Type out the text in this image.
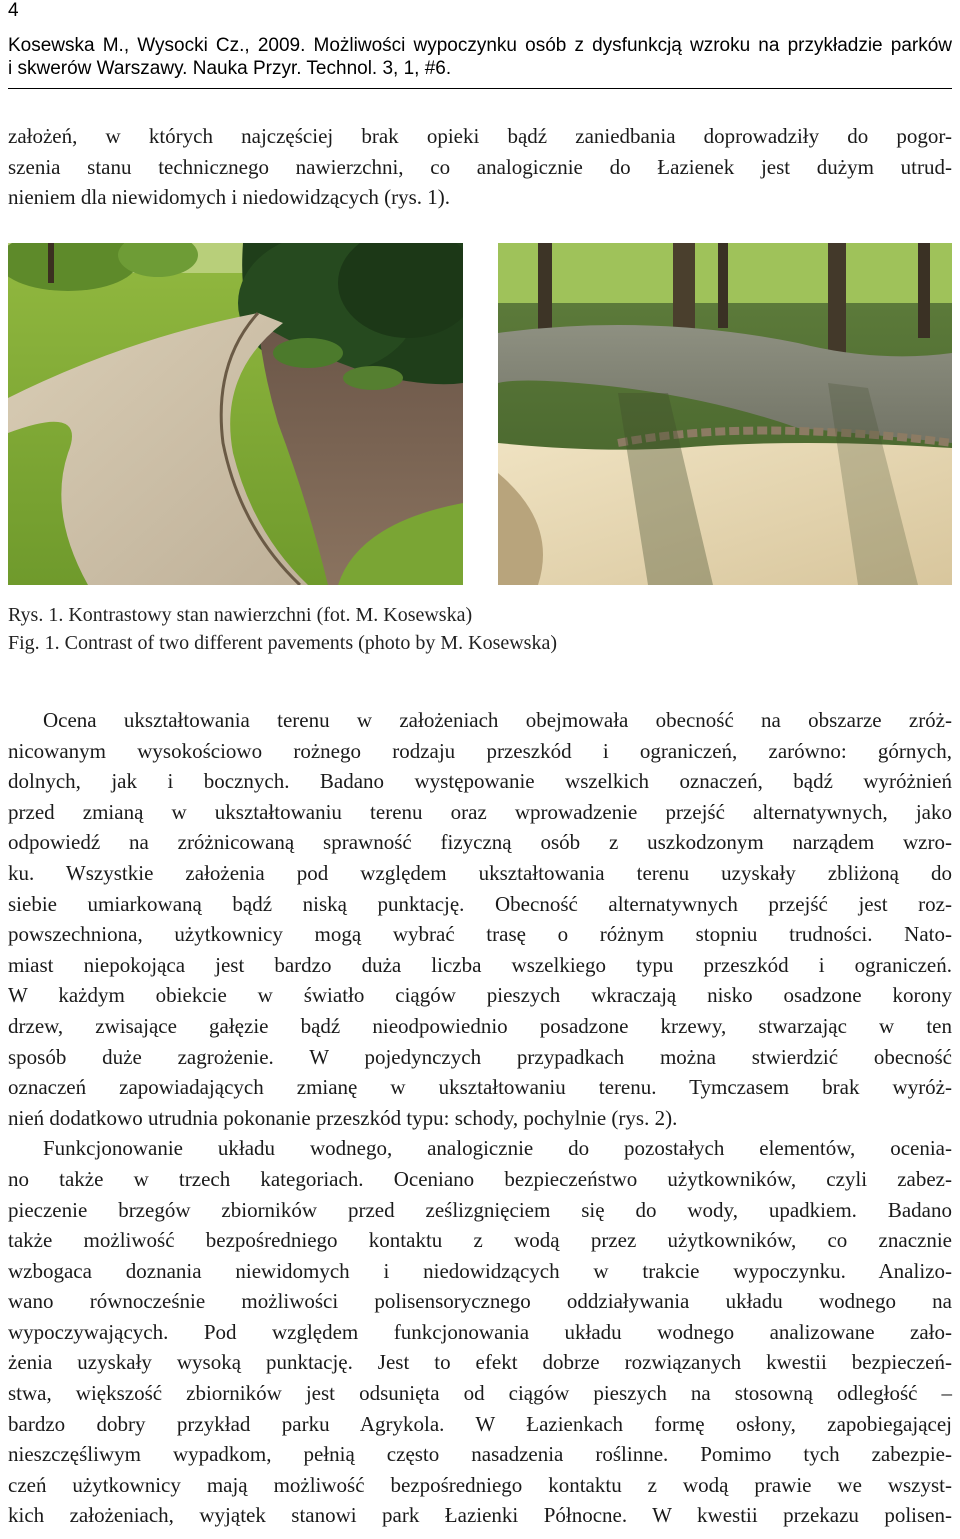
4
Kosewska M., Wysocki Cz., 2009. Możliwości wypoczynku osób z dysfunkcją wzroku na przykładzie parków
i skwerów Warszawy. Nauka Przyr. Technol. 3, 1, #6.
założeń, w których najczęściej brak opieki bądź zaniedbania doprowadziły do pogor-
szenia stanu technicznego nawierzchni, co analogicznie do Łazienek jest dużym utrud-
nieniem dla niewidomych i niedowidzących (rys. 1).
Rys. 1. Kontrastowy stan nawierzchni (fot. M. Kosewska)
Fig. 1. Contrast of two different pavements (photo by M. Kosewska)
Ocena ukształtowania terenu w założeniach obejmowała obecność na obszarze zróż-
nicowanym wysokościowo rożnego rodzaju przeszkód i ograniczeń, zarówno: górnych,
dolnych, jak i bocznych. Badano występowanie wszelkich oznaczeń, bądź wyróżnień
przed zmianą w ukształtowaniu terenu oraz wprowadzenie przejść alternatywnych, jako
odpowiedź na zróżnicowaną sprawność fizyczną osób z uszkodzonym narządem wzro-
ku. Wszystkie założenia pod względem ukształtowania terenu uzyskały zbliżoną do
siebie umiarkowaną bądź niską punktację. Obecność alternatywnych przejść jest roz-
powszechniona, użytkownicy mogą wybrać trasę o różnym stopniu trudności. Nato-
miast niepokojąca jest bardzo duża liczba wszelkiego typu przeszkód i ograniczeń.
W każdym obiekcie w światło ciągów pieszych wkraczają nisko osadzone korony
drzew, zwisające gałęzie bądź nieodpowiednio posadzone krzewy, stwarzając w ten
sposób duże zagrożenie. W pojedynczych przypadkach można stwierdzić obecność
oznaczeń zapowiadających zmianę w ukształtowaniu terenu. Tymczasem brak wyróż-
nień dodatkowo utrudnia pokonanie przeszkód typu: schody, pochylnie (rys. 2).
Funkcjonowanie układu wodnego, analogicznie do pozostałych elementów, ocenia-
no także w trzech kategoriach. Oceniano bezpieczeństwo użytkowników, czyli zabez-
pieczenie brzegów zbiorników przed ześlizgnięciem się do wody, upadkiem. Badano
także możliwość bezpośredniego kontaktu z wodą przez użytkowników, co znacznie
wzbogaca doznania niewidomych i niedowidzących w trakcie wypoczynku. Analizo-
wano równocześnie możliwości polisensorycznego oddziaływania układu wodnego na
wypoczywających. Pod względem funkcjonowania układu wodnego analizowane zało-
żenia uzyskały wysoką punktację. Jest to efekt dobrze rozwiązanych kwestii bezpieczeń-
stwa, większość zbiorników jest odsunięta od ciągów pieszych na stosowną odległość –
bardzo dobry przykład parku Agrykola. W Łazienkach formę osłony, zapobiegającej
nieszczęśliwym wypadkom, pełnią często nasadzenia roślinne. Pomimo tych zabezpie-
czeń użytkownicy mają możliwość bezpośredniego kontaktu z wodą prawie we wszyst-
kich założeniach, wyjątek stanowi park Łazienki Północne. W kwestii przekazu polisen-
